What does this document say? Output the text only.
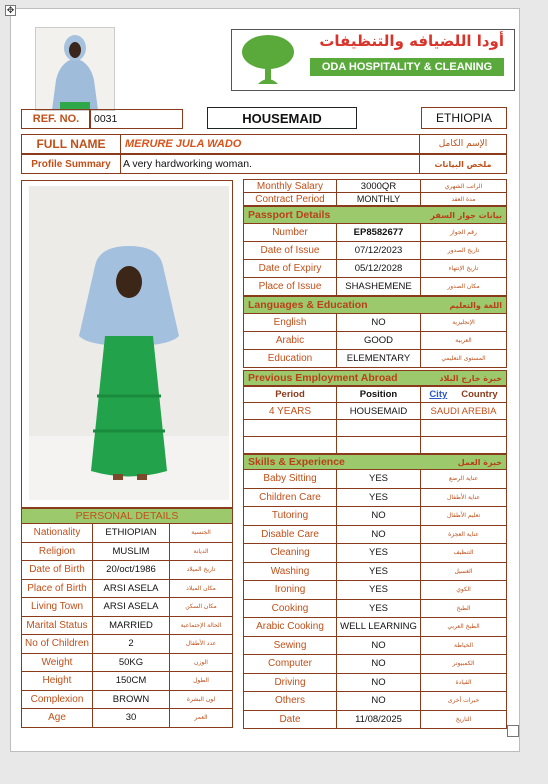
✥
أودا اللضيافه والتنظيفات
ODA HOSPITALITY & CLEANING
REF. NO.	0031	HOUSEMAID	ETHIOPIA
FULL NAME	MERURE JULA WADO	الإسم الكامل
Profile Summary	A very hardworking woman.	ملخص البيانات
Monthly Salary	3000QR	الراتب الشهري
Contract Period	MONTHLY	مدة العقد
Passport Details	بيانات جواز السفر
Number	EP8582677	رقم الجواز
Date of Issue	07/12/2023	تاريخ الصدور
Date of Expiry	05/12/2028	تاريخ الإنتهاء
Place of Issue	SHASHEMENE	مكان الصدور
Languages & Education	اللغة والتعليم
English	NO	الإنجليزية
Arabic	GOOD	العربية
Education	ELEMENTARY	المستوى التعليمي
Previous Employment Abroad	خبرة خارج البلاد
Period	Position	City Country
4 YEARS	HOUSEMAID	SAUDI AREBIA
Skills & Experience	خبرة العمل
Baby Sitting	YES	عناية الرضع
Children Care	YES	عناية الأطفال
Tutoring	NO	تعليم الأطفال
Disable Care	NO	عناية العجزة
Cleaning	YES	التنظيف
Washing	YES	الغسيل
Ironing	YES	الكوي
Cooking	YES	الطبخ
Arabic Cooking	WELL LEARNING	الطبخ العربي
Sewing	NO	الخياطة
Computer	NO	الكمبيوتر
Driving	NO	القيادة
Others	NO	خبرات أخرى
Date	11/08/2025	التاريخ
PERSONAL DETAILS
Nationality	ETHIOPIAN	الجنسية
Religion	MUSLIM	الديانة
Date of Birth	20/oct/1986	تاريخ الميلاد
Place of Birth	ARSI ASELA	مكان الميلاد
Living Town	ARSI ASELA	مكان السكن
Marital Status	MARRIED	الحالة الإجتماعية
No of Children	2	عدد الأطفال
Weight	50KG	الوزن
Height	150CM	الطول
Complexion	BROWN	لون البشرة
Age	30	العمر
